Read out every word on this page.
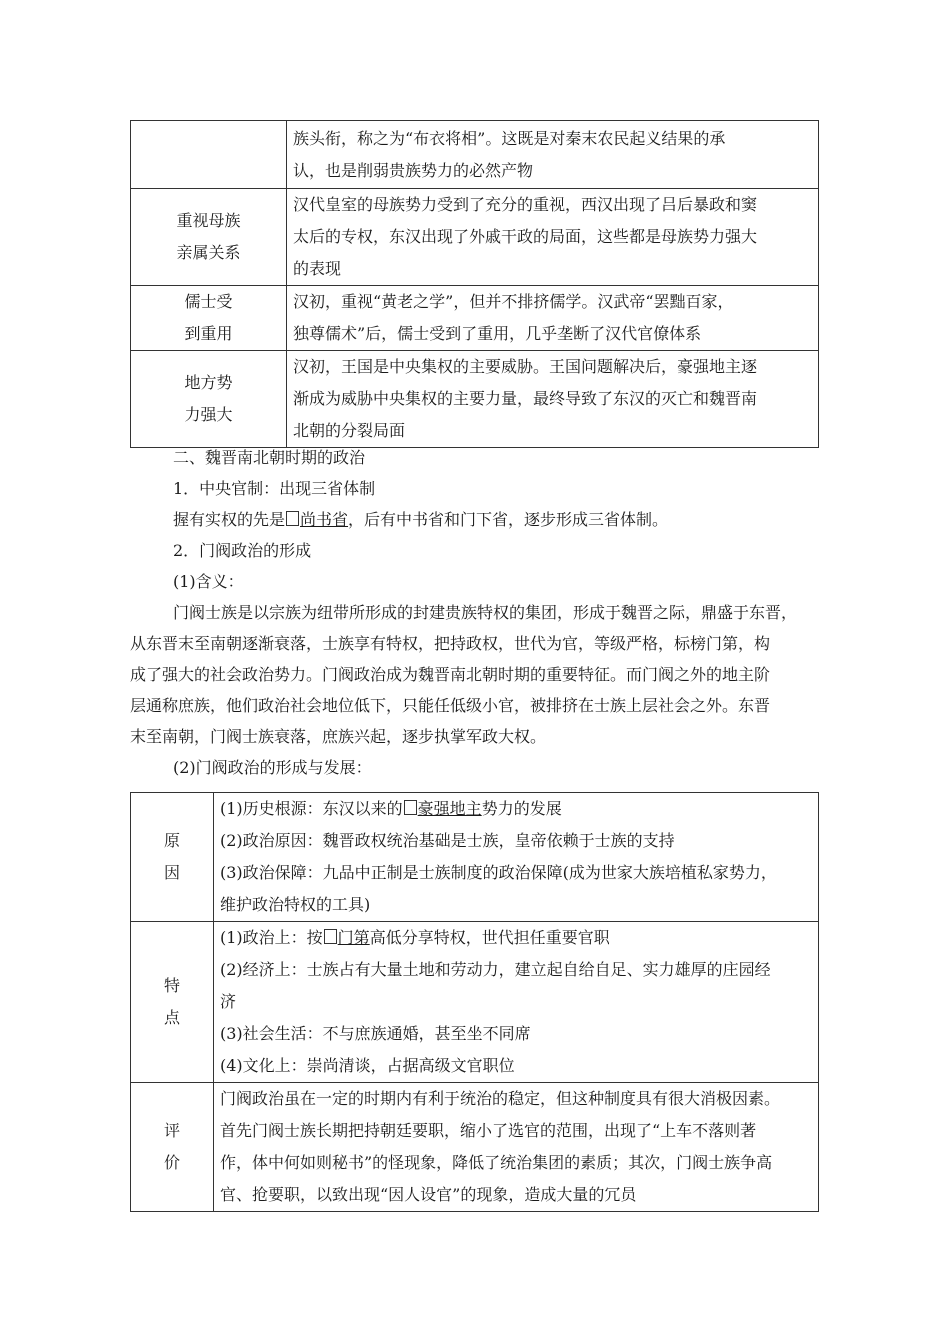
	族头衔，称之为“布衣将相”。这既是对秦末农民起义结果的承
认，也是削弱贵族势力的必然产物

重视母族
亲属关系	汉代皇室的母族势力受到了充分的重视，西汉出现了吕后暴政和窦
太后的专权，东汉出现了外戚干政的局面，这些都是母族势力强大
的表现

儒士受
到重用	汉初，重视“黄老之学”，但并不排挤儒学。汉武帝“罢黜百家，
独尊儒术”后，儒士受到了重用，几乎垄断了汉代官僚体系

地方势
力强大	汉初，王国是中央集权的主要威胁。王国问题解决后，豪强地主逐
渐成为威胁中央集权的主要力量，最终导致了东汉的灭亡和魏晋南
北朝的分裂局面
二、魏晋南北朝时期的政治
1．中央官制：出现三省体制
握有实权的先是 尚书省，后有中书省和门下省，逐步形成三省体制。
2．门阀政治的形成
(1)含义：
门阀士族是以宗族为纽带所形成的封建贵族特权的集团，形成于魏晋之际，鼎盛于东晋，
从东晋末至南朝逐渐衰落，士族享有特权，把持政权，世代为官，等级严格，标榜门第，构
成了强大的社会政治势力。门阀政治成为魏晋南北朝时期的重要特征。而门阀之外的地主阶
层通称庶族，他们政治社会地位低下，只能任低级小官，被排挤在士族上层社会之外。东晋
末至南朝，门阀士族衰落，庶族兴起，逐步执掌军政大权。
(2)门阀政治的形成与发展：
原
因	(1)历史根源：东汉以来的 豪强地主势力的发展
(2)政治原因：魏晋政权统治基础是士族，皇帝依赖于士族的支持
(3)政治保障：九品中正制是士族制度的政治保障(成为世家大族培植私家势力，
维护政治特权的工具)

特
点	(1)政治上：按 门第高低分享特权，世代担任重要官职
(2)经济上：士族占有大量土地和劳动力，建立起自给自足、实力雄厚的庄园经
济
(3)社会生活：不与庶族通婚，甚至坐不同席
(4)文化上：崇尚清谈，占据高级文官职位

评
价	门阀政治虽在一定的时期内有利于统治的稳定，但这种制度具有很大消极因素。
首先门阀士族长期把持朝廷要职，缩小了选官的范围，出现了“上车不落则著
作，体中何如则秘书”的怪现象，降低了统治集团的素质；其次，门阀士族争高
官、抢要职，以致出现“因人设官”的现象，造成大量的冗员
